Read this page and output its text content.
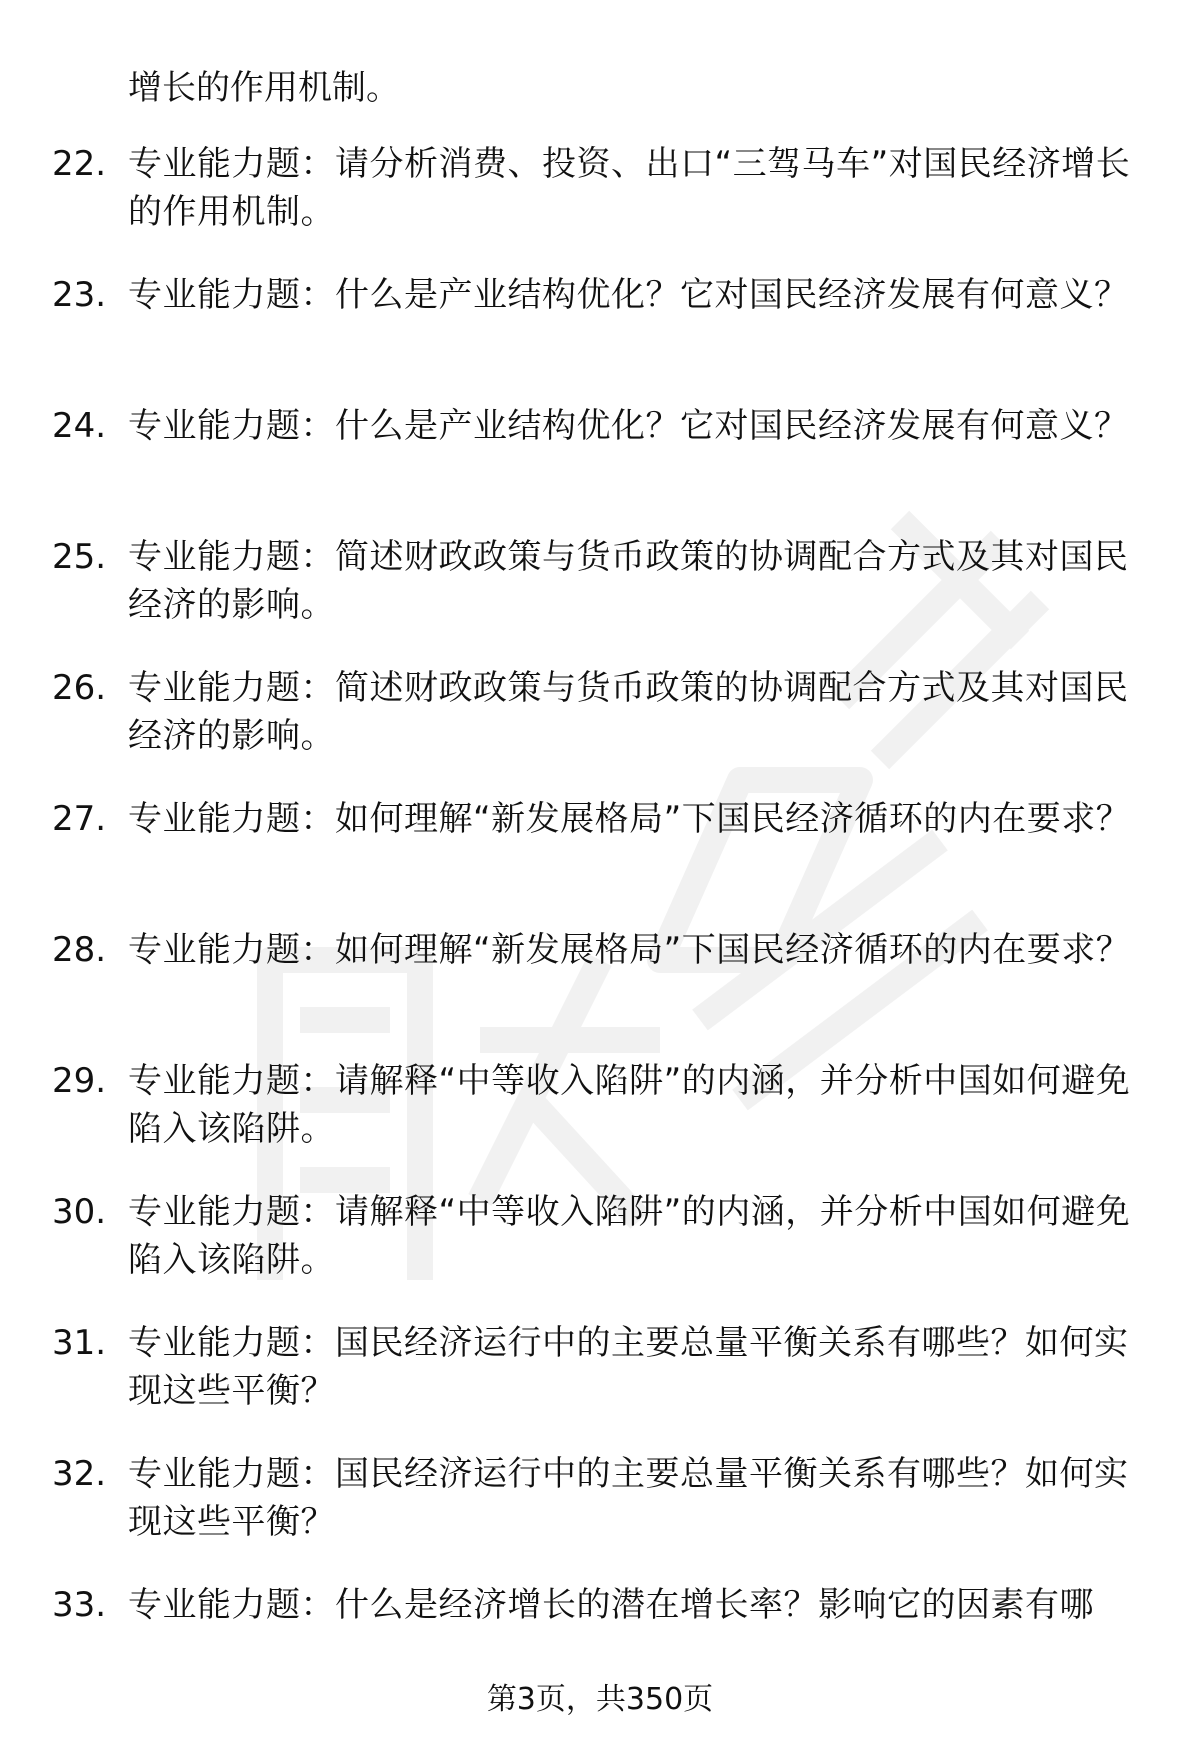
增长的作用机制。
22. 专业能力题：请分析消费、投资、出口“三驾马车”对国民经济增长的作用机制。
23. 专业能力题：什么是产业结构优化？它对国民经济发展有何意义？
24. 专业能力题：什么是产业结构优化？它对国民经济发展有何意义？
25. 专业能力题：简述财政政策与货币政策的协调配合方式及其对国民经济的影响。
26. 专业能力题：简述财政政策与货币政策的协调配合方式及其对国民经济的影响。
27. 专业能力题：如何理解“新发展格局”下国民经济循环的内在要求？
28. 专业能力题：如何理解“新发展格局”下国民经济循环的内在要求？
29. 专业能力题：请解释“中等收入陷阱”的内涵，并分析中国如何避免陷入该陷阱。
30. 专业能力题：请解释“中等收入陷阱”的内涵，并分析中国如何避免陷入该陷阱。
31. 专业能力题：国民经济运行中的主要总量平衡关系有哪些？如何实现这些平衡？
32. 专业能力题：国民经济运行中的主要总量平衡关系有哪些？如何实现这些平衡？
33. 专业能力题：什么是经济增长的潜在增长率？影响它的因素有哪
第3页，共350页
